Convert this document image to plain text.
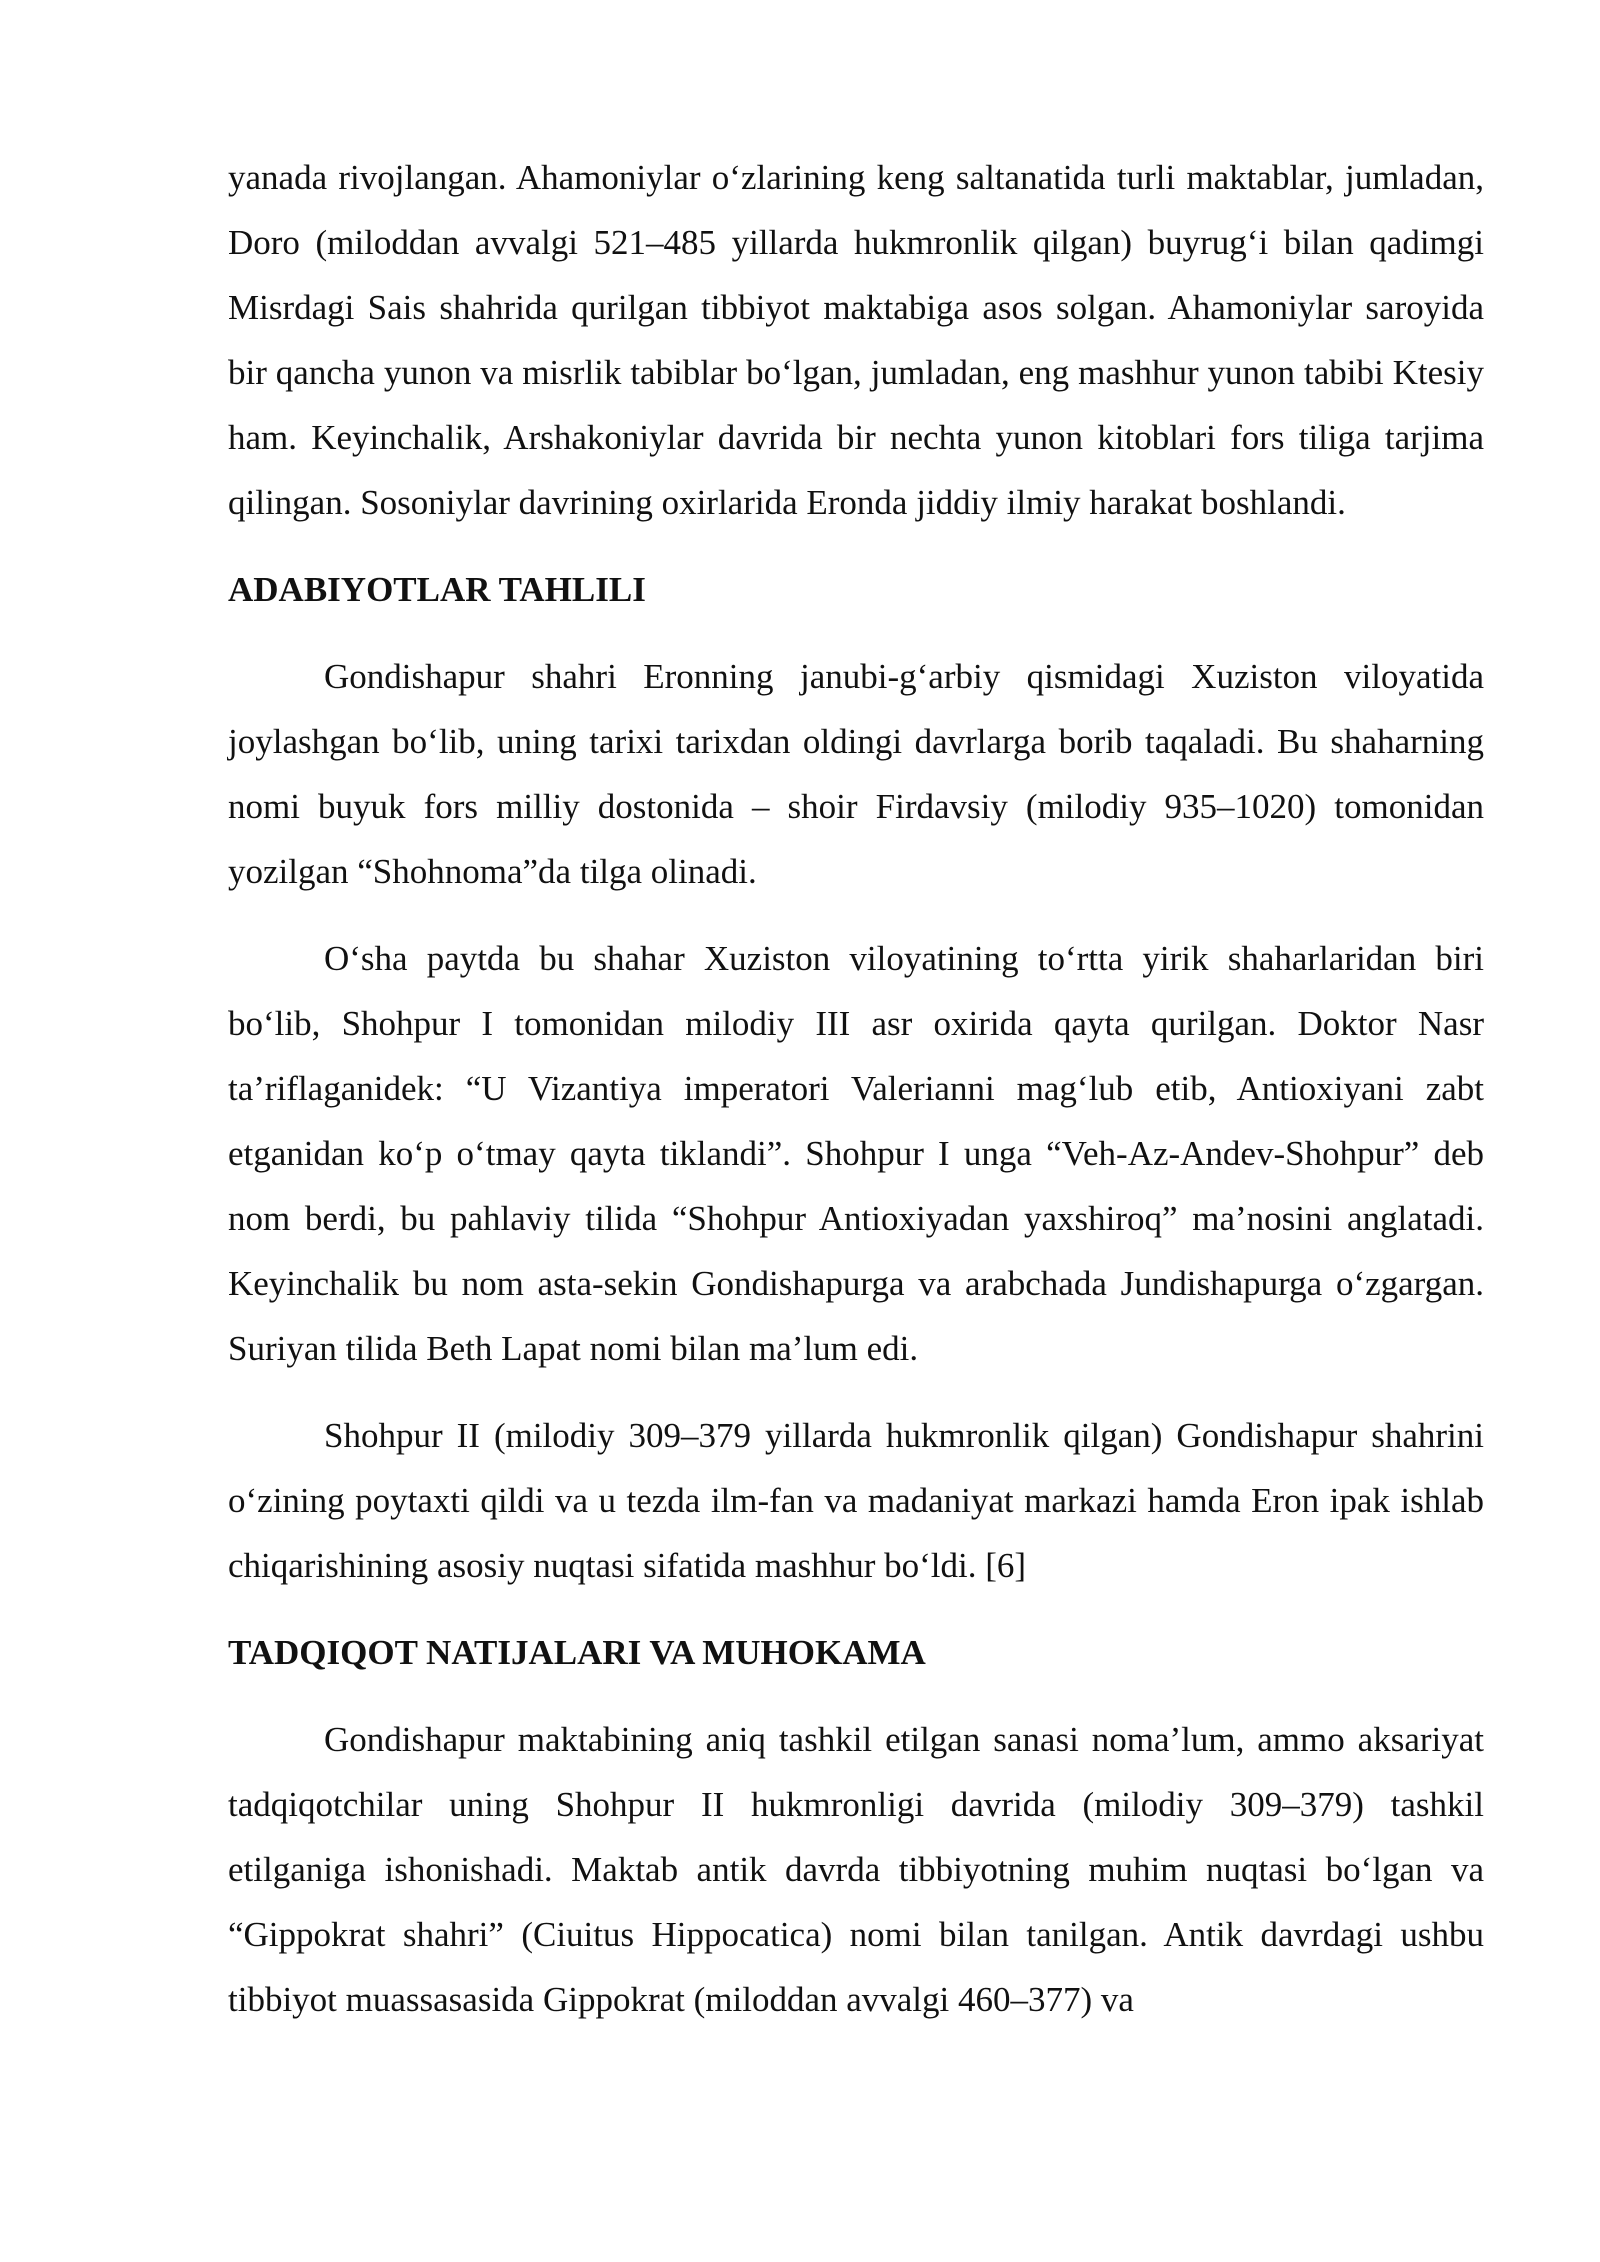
yanada rivojlangan. Ahamoniylar o‘zlarining keng saltanatida turli maktablar, jumladan, Doro (miloddan avvalgi 521–485 yillarda hukmronlik qilgan) buyrug‘i bilan qadimgi Misrdagi Sais shahrida qurilgan tibbiyot maktabiga asos solgan. Ahamoniylar saroyida bir qancha yunon va misrlik tabiblar bo‘lgan, jumladan, eng mashhur yunon tabibi Ktesiy ham. Keyinchalik, Arshakoniylar davrida bir nechta yunon kitoblari fors tiliga tarjima qilingan. Sosoniylar davrining oxirlarida Eronda jiddiy ilmiy harakat boshlandi.

ADABIYOTLAR TAHLILI

Gondishapur shahri Eronning janubi-g‘arbiy qismidagi Xuziston viloyatida joylashgan bo‘lib, uning tarixi tarixdan oldingi davrlarga borib taqaladi. Bu shaharning nomi buyuk fors milliy dostonida – shoir Firdavsiy (milodiy 935–1020) tomonidan yozilgan “Shohnoma”da tilga olinadi.

O‘sha paytda bu shahar Xuziston viloyatining to‘rtta yirik shaharlaridan biri bo‘lib, Shohpur I tomonidan milodiy III asr oxirida qayta qurilgan. Doktor Nasr ta’riflaganidek: “U Vizantiya imperatori Valerianni mag‘lub etib, Antioxiyani zabt etganidan ko‘p o‘tmay qayta tiklandi”. Shohpur I unga “Veh-Az-Andev-Shohpur” deb nom berdi, bu pahlaviy tilida “Shohpur Antioxiyadan yaxshiroq” ma’nosini anglatadi. Keyinchalik bu nom asta-sekin Gondishapurga va arabchada Jundishapurga o‘zgargan. Suriyan tilida Beth Lapat nomi bilan ma’lum edi.

Shohpur II (milodiy 309–379 yillarda hukmronlik qilgan) Gondishapur shahrini o‘zining poytaxti qildi va u tezda ilm-fan va madaniyat markazi hamda Eron ipak ishlab chiqarishining asosiy nuqtasi sifatida mashhur bo‘ldi. [6]

TADQIQOT NATIJALARI VA MUHOKAMA

Gondishapur maktabining aniq tashkil etilgan sanasi noma’lum, ammo aksariyat tadqiqotchilar uning Shohpur II hukmronligi davrida (milodiy 309–379) tashkil etilganiga ishonishadi. Maktab antik davrda tibbiyotning muhim nuqtasi bo‘lgan va “Gippokrat shahri” (Ciuitus Hippocatica) nomi bilan tanilgan. Antik davrdagi ushbu tibbiyot muassasasida Gippokrat (miloddan avvalgi 460–377) va
